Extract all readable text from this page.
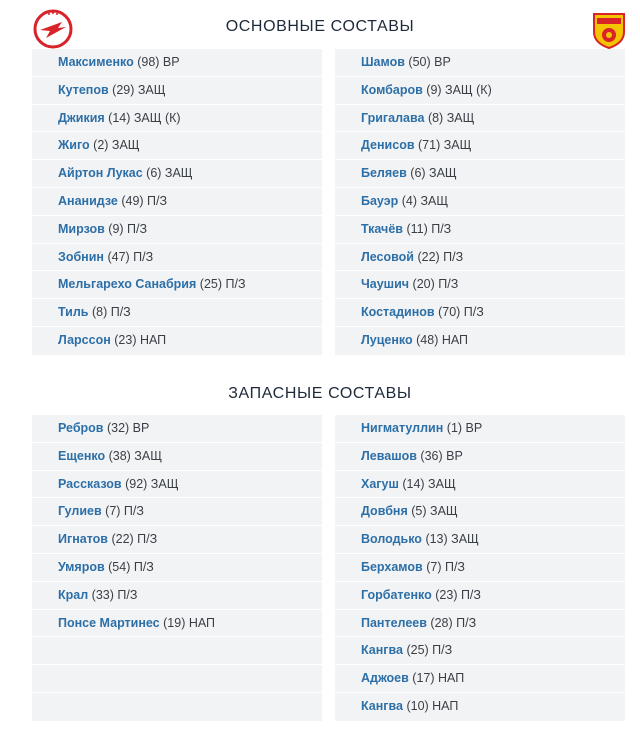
ОСНОВНЫЕ СОСТАВЫ
Максименко (98) ВР
Кутепов (29) ЗАЩ
Джикия (14) ЗАЩ (К)
Жиго (2) ЗАЩ
Айртон Лукас (6) ЗАЩ
Ананидзе (49) П/З
Мирзов (9) П/З
Зобнин (47) П/З
Мельгарехо Санабрия (25) П/З
Тиль (8) П/З
Ларссон (23) НАП
Шамов (50) ВР
Комбаров (9) ЗАЩ (К)
Григалава (8) ЗАЩ
Денисов (71) ЗАЩ
Беляев (6) ЗАЩ
Бауэр (4) ЗАЩ
Ткачёв (11) П/З
Лесовой (22) П/З
Чаушич (20) П/З
Костадинов (70) П/З
Луценко (48) НАП
ЗАПАСНЫЕ СОСТАВЫ
Ребров (32) ВР
Ещенко (38) ЗАЩ
Рассказов (92) ЗАЩ
Гулиев (7) П/З
Игнатов (22) П/З
Умяров (54) П/З
Крал (33) П/З
Понсе Мартинес (19) НАП
Нигматуллин (1) ВР
Левашов (36) ВР
Хагуш (14) ЗАЩ
Довбня (5) ЗАЩ
Володько (13) ЗАЩ
Берхамов (7) П/З
Горбатенко (23) П/З
Пантелеев (28) П/З
Кангва (25) П/З
Аджоев (17) НАП
Кангва (10) НАП
